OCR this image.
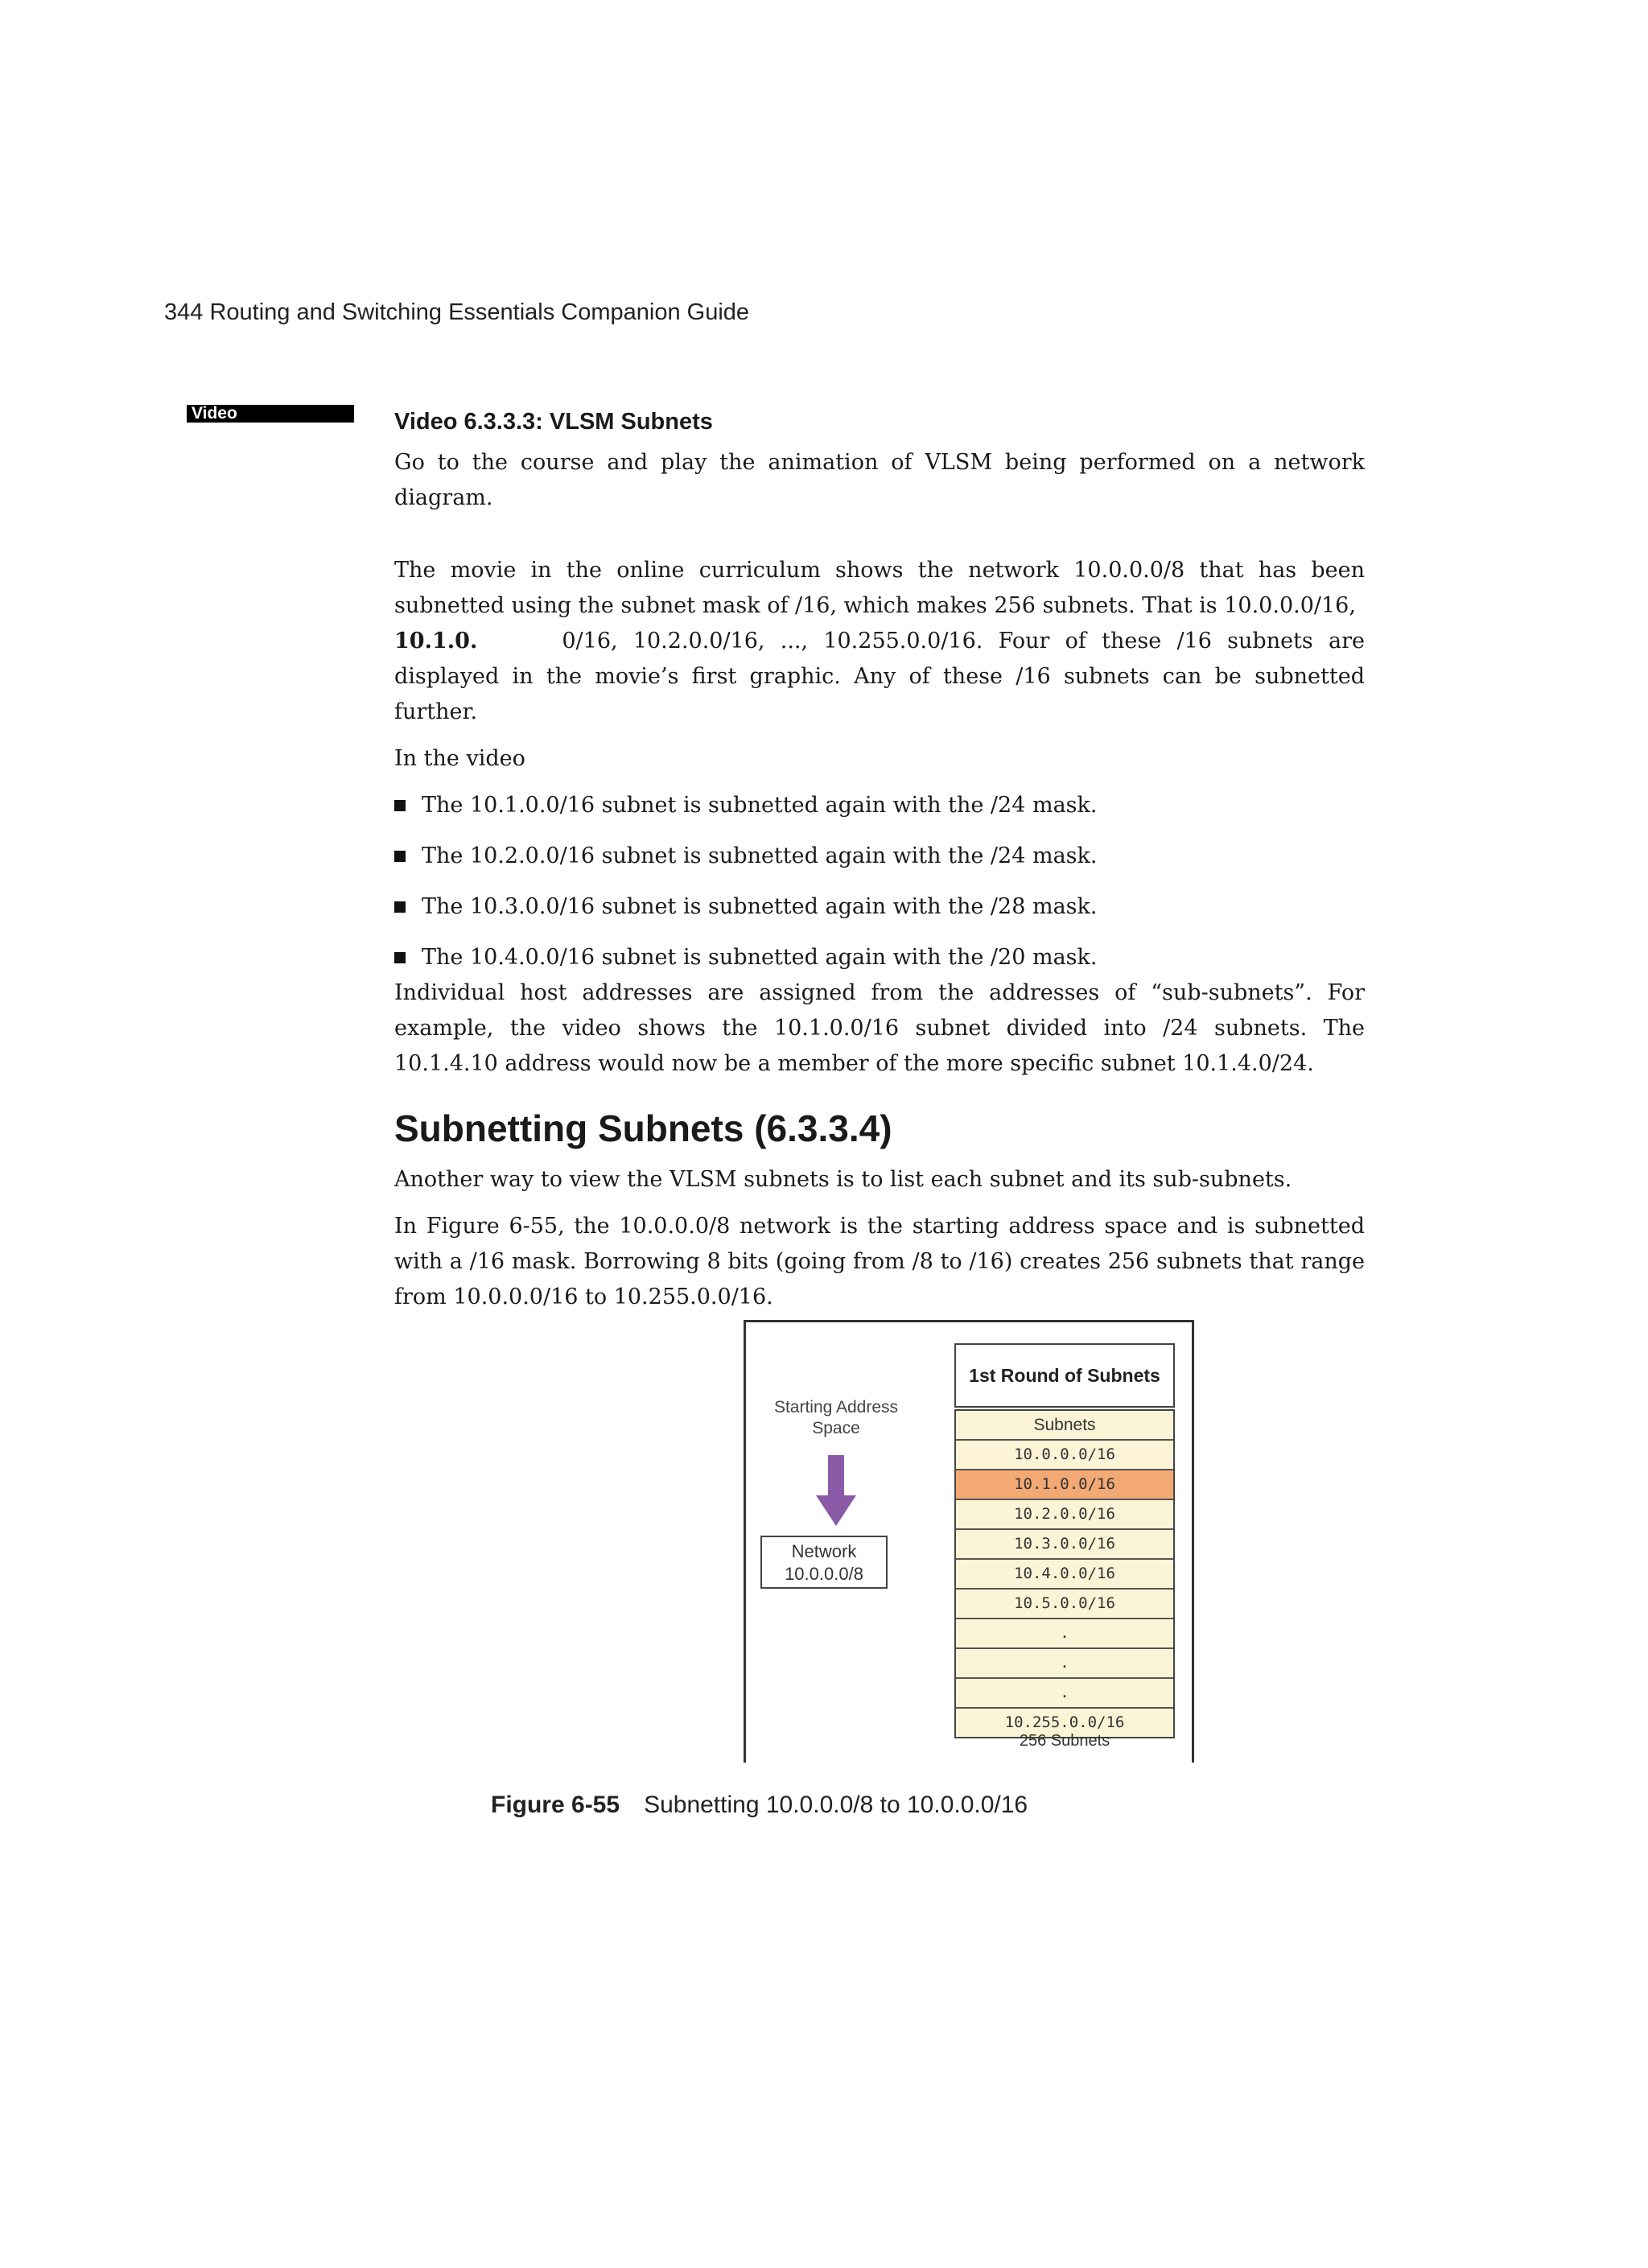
344 Routing and Switching Essentials Companion Guide
Video	Video 6.3.3.3: VLSM Subnets

Go to the course and play the animation of VLSM being performed on a network diagram.

The movie in the online curriculum shows the network 10.0.0.0/8 that has been subnetted using the subnet mask of /16, which makes 256 subnets. That is 10.0.0.0/16,
10.1.0.	0/16, 10.2.0.0/16, ..., 10.255.0.0/16. Four of these /16 subnets are displayed in the movie’s first graphic. Any of these /16 subnets can be subnetted further.

In the video

The 10.1.0.0/16 subnet is subnetted again with the /24 mask.
The 10.2.0.0/16 subnet is subnetted again with the /24 mask.
The 10.3.0.0/16 subnet is subnetted again with the /28 mask.
The 10.4.0.0/16 subnet is subnetted again with the /20 mask.

Individual host addresses are assigned from the addresses of “sub-subnets”. For example, the video shows the 10.1.0.0/16 subnet divided into /24 subnets. The 10.1.4.10 address would now be a member of the more specific subnet 10.1.4.0/24.

Subnetting Subnets (6.3.3.4)

Another way to view the VLSM subnets is to list each subnet and its sub-subnets.

In Figure 6-55, the 10.0.0.0/8 network is the starting address space and is subnetted with a /16 mask. Borrowing 8 bits (going from /8 to /16) creates 256 subnets that range from 10.0.0.0/16 to 10.255.0.0/16.

Starting Address Space
Network
10.0.0.0/8
1st Round of Subnets
Subnets
10.0.0.0/16
10.1.0.0/16
10.2.0.0/16
10.3.0.0/16
10.4.0.0/16
10.5.0.0/16
.
.
.
10.255.0.0/16
256 Subnets
Figure 6-55 Subnetting 10.0.0.0/8 to 10.0.0.0/16
